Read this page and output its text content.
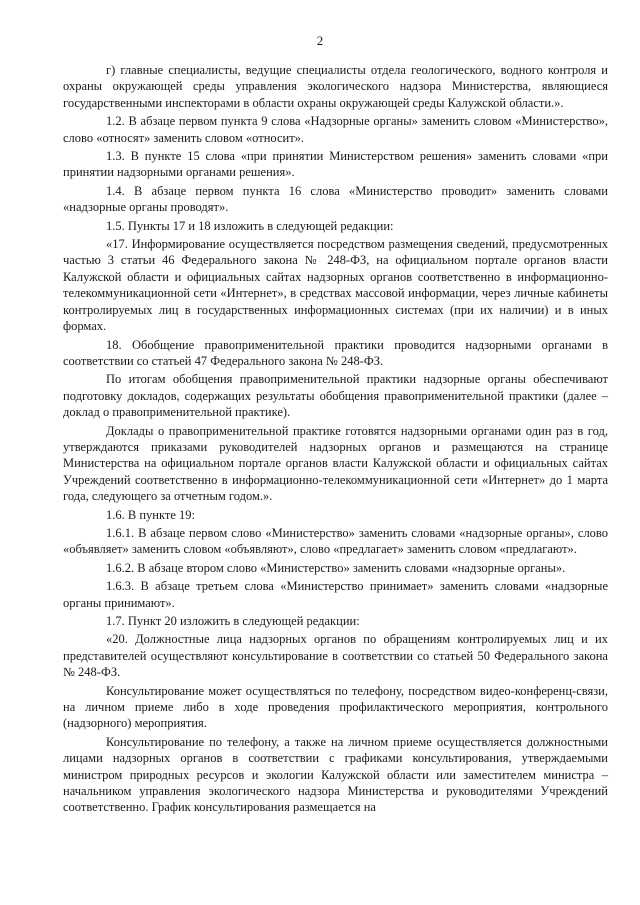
2

г) главные специалисты, ведущие специалисты отдела геологического, водного контроля и охраны окружающей среды управления экологического надзора Министерства, являющиеся государственными инспекторами в области охраны окружающей среды Калужской области.».

1.2. В абзаце первом пункта 9 слова «Надзорные органы» заменить словом «Министерство», слово «относят» заменить словом «относит».

1.3. В пункте 15 слова «при принятии Министерством решения» заменить словами «при принятии надзорными органами решения».

1.4. В абзаце первом пункта 16 слова «Министерство проводит» заменить словами «надзорные органы проводят».

1.5. Пункты 17 и 18 изложить в следующей редакции:

«17. Информирование осуществляется посредством размещения сведений, предусмотренных частью 3 статьи 46 Федерального закона № 248-ФЗ, на официальном портале органов власти Калужской области и официальных сайтах надзорных органов соответственно в информационно-телекоммуникационной сети «Интернет», в средствах массовой информации, через личные кабинеты контролируемых лиц в государственных информационных системах (при их наличии) и в иных формах.

18. Обобщение правоприменительной практики проводится надзорными органами в соответствии со статьей 47 Федерального закона № 248-ФЗ.

По итогам обобщения правоприменительной практики надзорные органы обеспечивают подготовку докладов, содержащих результаты обобщения правоприменительной практики (далее – доклад о правоприменительной практике).

Доклады о правоприменительной практике готовятся надзорными органами один раз в год, утверждаются приказами руководителей надзорных органов и размещаются на странице Министерства на официальном портале органов власти Калужской области и официальных сайтах Учреждений соответственно в информационно-телекоммуникационной сети «Интернет» до 1 марта года, следующего за отчетным годом.».

1.6. В пункте 19:

1.6.1. В абзаце первом слово «Министерство» заменить словами «надзорные органы», слово «объявляет» заменить словом «объявляют», слово «предлагает» заменить словом «предлагают».

1.6.2. В абзаце втором слово «Министерство» заменить словами «надзорные органы».

1.6.3. В абзаце третьем слова «Министерство принимает» заменить словами «надзорные органы принимают».

1.7. Пункт 20 изложить в следующей редакции:

«20. Должностные лица надзорных органов по обращениям контролируемых лиц и их представителей осуществляют консультирование в соответствии со статьей 50 Федерального закона № 248-ФЗ.

Консультирование может осуществляться по телефону, посредством видео-конференц-связи, на личном приеме либо в ходе проведения профилактического мероприятия, контрольного (надзорного) мероприятия.

Консультирование по телефону, а также на личном приеме осуществляется должностными лицами надзорных органов в соответствии с графиками консультирования, утверждаемыми министром природных ресурсов и экологии Калужской области или заместителем министра – начальником управления экологического надзора Министерства и руководителями Учреждений соответственно. График консультирования размещается на
